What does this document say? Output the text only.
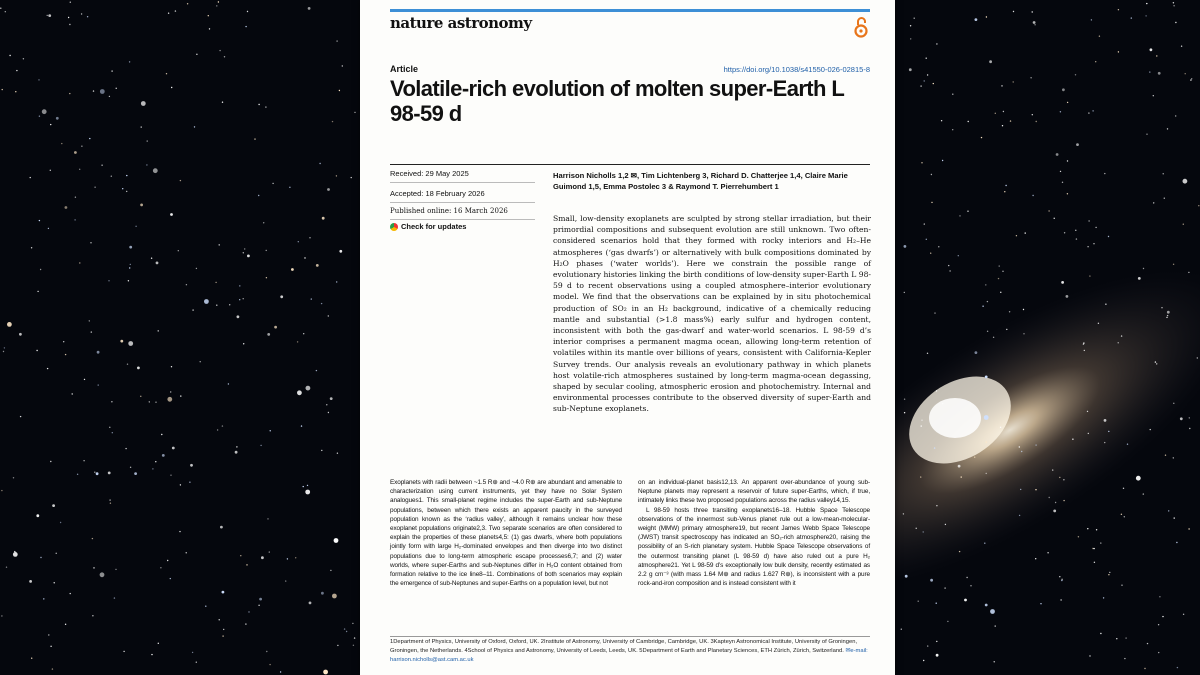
nature astronomy
Article	https://doi.org/10.1038/s41550-026-02815-8
Volatile-rich evolution of molten super-Earth L 98-59 d
Received: 29 May 2025
Accepted: 18 February 2026
Published online: 16 March 2026
Check for updates

Harrison Nicholls 1,2 ✉, Tim Lichtenberg 3, Richard D. Chatterjee 1,4, Claire Marie Guimond 1,5, Emma Postolec 3 & Raymond T. Pierrehumbert 1

Small, low-density exoplanets are sculpted by strong stellar irradiation, but their primordial compositions and subsequent evolution are still unknown. Two often-considered scenarios hold that they formed with rocky interiors and H₂–He atmospheres (‘gas dwarfs’) or alternatively with bulk compositions dominated by H₂O phases (‘water worlds’). Here we constrain the possible range of evolutionary histories linking the birth conditions of low-density super-Earth L 98-59 d to recent observations using a coupled atmosphere–interior evolutionary model. We find that the observations can be explained by in situ photochemical production of SO₂ in an H₂ background, indicative of a chemically reducing mantle and substantial (>1.8 mass%) early sulfur and hydrogen content, inconsistent with both the gas-dwarf and water-world scenarios. L 98-59 d’s interior comprises a permanent magma ocean, allowing long-term retention of volatiles within its mantle over billions of years, consistent with California-Kepler Survey trends. Our analysis reveals an evolutionary pathway in which planets host volatile-rich atmospheres sustained by long-term magma-ocean degassing, shaped by secular cooling, atmospheric erosion and photochemistry. Internal and environmental processes contribute to the observed diversity of super-Earth and sub-Neptune exoplanets.

Exoplanets with radii between ~1.5 R⊕ and ~4.0 R⊕ are abundant and amenable to characterization using current instruments, yet they have no Solar System analogues1. This small-planet regime includes the super-Earth and sub-Neptune populations, between which there exists an apparent paucity in the surveyed population known as the ‘radius valley’, although it remains unclear how these exoplanet populations originate2,3. Two separate scenarios are often considered to explain the properties of these planets4,5: (1) gas dwarfs, where both populations jointly form with large H₂-dominated envelopes and then diverge into two distinct populations due to long-term atmospheric escape processes6,7; and (2) water worlds, where super-Earths and sub-Neptunes differ in H₂O content obtained from formation relative to the ice line8–11. Combinations of both scenarios may explain the emergence of sub-Neptunes and super-Earths on a population level, but not

on an individual-planet basis12,13. An apparent over-abundance of young sub-Neptune planets may represent a reservoir of future super-Earths, which, if true, intimately links these two proposed populations across the radius valley14,15.

L 98-59 hosts three transiting exoplanets16–18. Hubble Space Telescope observations of the innermost sub-Venus planet rule out a low-mean-molecular-weight (MMW) primary atmosphere19, but recent James Webb Space Telescope (JWST) transit spectroscopy has indicated an SO₂-rich atmosphere20, raising the possibility of an S-rich planetary system. Hubble Space Telescope observations of the outermost transiting planet (L 98-59 d) have also ruled out a pure H₂ atmosphere21. Yet L 98-59 d’s exceptionally low bulk density, recently estimated as 2.2 g cm⁻³ (with mass 1.64 M⊕ and radius 1.627 R⊕), is inconsistent with a pure rock-and-iron composition and is instead consistent with it

1Department of Physics, University of Oxford, Oxford, UK. 2Institute of Astronomy, University of Cambridge, Cambridge, UK. 3Kapteyn Astronomical Institute, University of Groningen, Groningen, the Netherlands. 4School of Physics and Astronomy, University of Leeds, Leeds, UK. 5Department of Earth and Planetary Sciences, ETH Zürich, Zürich, Switzerland. ✉e-mail: harrison.nicholls@ast.cam.ac.uk
